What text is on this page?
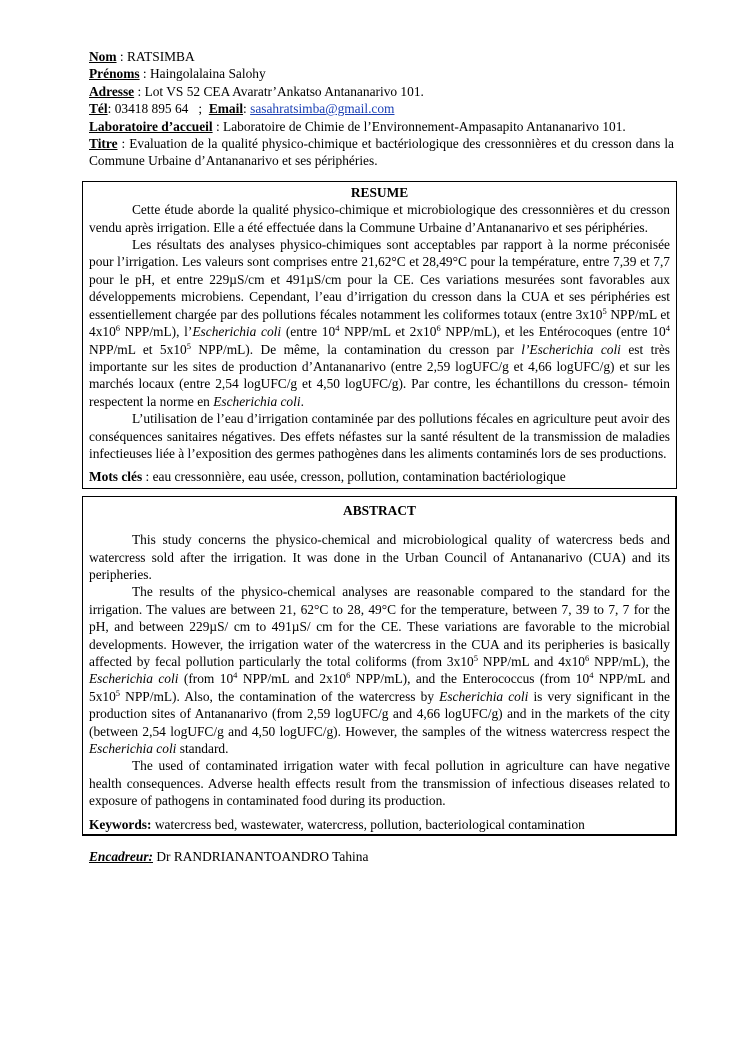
Nom : RATSIMBA
Prénoms : Haingolalaina Salohy
Adresse : Lot VS 52 CEA Avaratr’Ankatso Antananarivo 101.
Tél: 03418 895 64   ;  Email: sasahratsimba@gmail.com
Laboratoire d’accueil : Laboratoire de Chimie de l’Environnement-Ampasapito Antananarivo 101.
Titre : Evaluation de la qualité physico-chimique et bactériologique des cressonnières et du cresson dans la Commune Urbaine d’Antananarivo et ses périphéries.
RESUME

Cette étude aborde la qualité physico-chimique et microbiologique des cressonnières et du cresson vendu après irrigation. Elle a été effectuée dans la Commune Urbaine d’Antananarivo et ses périphéries.

Les résultats des analyses physico-chimiques sont acceptables par rapport à la norme préconisée pour l’irrigation. Les valeurs sont comprises entre 21,62°C et 28,49°C pour la température, entre 7,39 et 7,7 pour le pH, et entre 229µS/cm et 491µS/cm pour la CE. Ces variations mesurées sont favorables aux développements microbiens. Cependant, l’eau d’irrigation du cresson dans la CUA et ses périphéries est essentiellement chargée par des pollutions fécales notamment les coliformes totaux (entre $3x10^5$ NPP/mL et $4x10^6$ NPP/mL), l’Escherichia coli (entre $10^4$ NPP/mL et $2x10^6$ NPP/mL), et les Entérocoques (entre $10^4$ NPP/mL et $5x10^5$ NPP/mL). De même, la contamination du cresson par l’Escherichia coli est très importante sur les sites de production d’Antananarivo (entre 2,59 logUFC/g et 4,66 logUFC/g) et sur les marchés locaux (entre 2,54 logUFC/g et 4,50 logUFC/g). Par contre, les échantillons du cresson- témoin respectent la norme en Escherichia coli.

L’utilisation de l’eau d’irrigation contaminée par des pollutions fécales en agriculture peut avoir des conséquences sanitaires négatives. Des effets néfastes sur la santé résultent de la transmission de maladies infectieuses liée à l’exposition des germes pathogènes dans les aliments contaminés lors de ses productions.

Mots clés : eau cressonnière, eau usée, cresson, pollution, contamination bactériologique
ABSTRACT

This study concerns the physico-chemical and microbiological quality of watercress beds and watercress sold after the irrigation. It was done in the Urban Council of Antananarivo (CUA) and its peripheries.

The results of the physico-chemical analyses are reasonable compared to the standard for the irrigation. The values are between 21, 62°C to 28, 49°C for the temperature, between 7, 39 to 7, 7 for the pH, and between 229µS/ cm to 491µS/ cm for the CE. These variations are favorable to the microbial developments. However, the irrigation water of the watercress in the CUA and its peripheries is basically affected by fecal pollution particularly the total coliforms (from $3x10^5$ NPP/mL and $4x10^6$ NPP/mL), the Escherichia coli (from $10^4$ NPP/mL and $2x10^6$ NPP/mL), and the Enterococcus (from $10^4$ NPP/mL and $5x10^5$ NPP/mL). Also, the contamination of the watercress by Escherichia coli is very significant in the production sites of Antananarivo (from 2,59 logUFC/g and 4,66 logUFC/g) and in the markets of the city (between 2,54 logUFC/g and 4,50 logUFC/g). However, the samples of the witness watercress respect the Escherichia coli standard.

The used of contaminated irrigation water with fecal pollution in agriculture can have negative health consequences. Adverse health effects result from the transmission of infectious diseases related to exposure of pathogens in contaminated food during its production.

Keywords: watercress bed, wastewater, watercress, pollution, bacteriological contamination
Encadreur: Dr RANDRIANANTOANDRO Tahina
